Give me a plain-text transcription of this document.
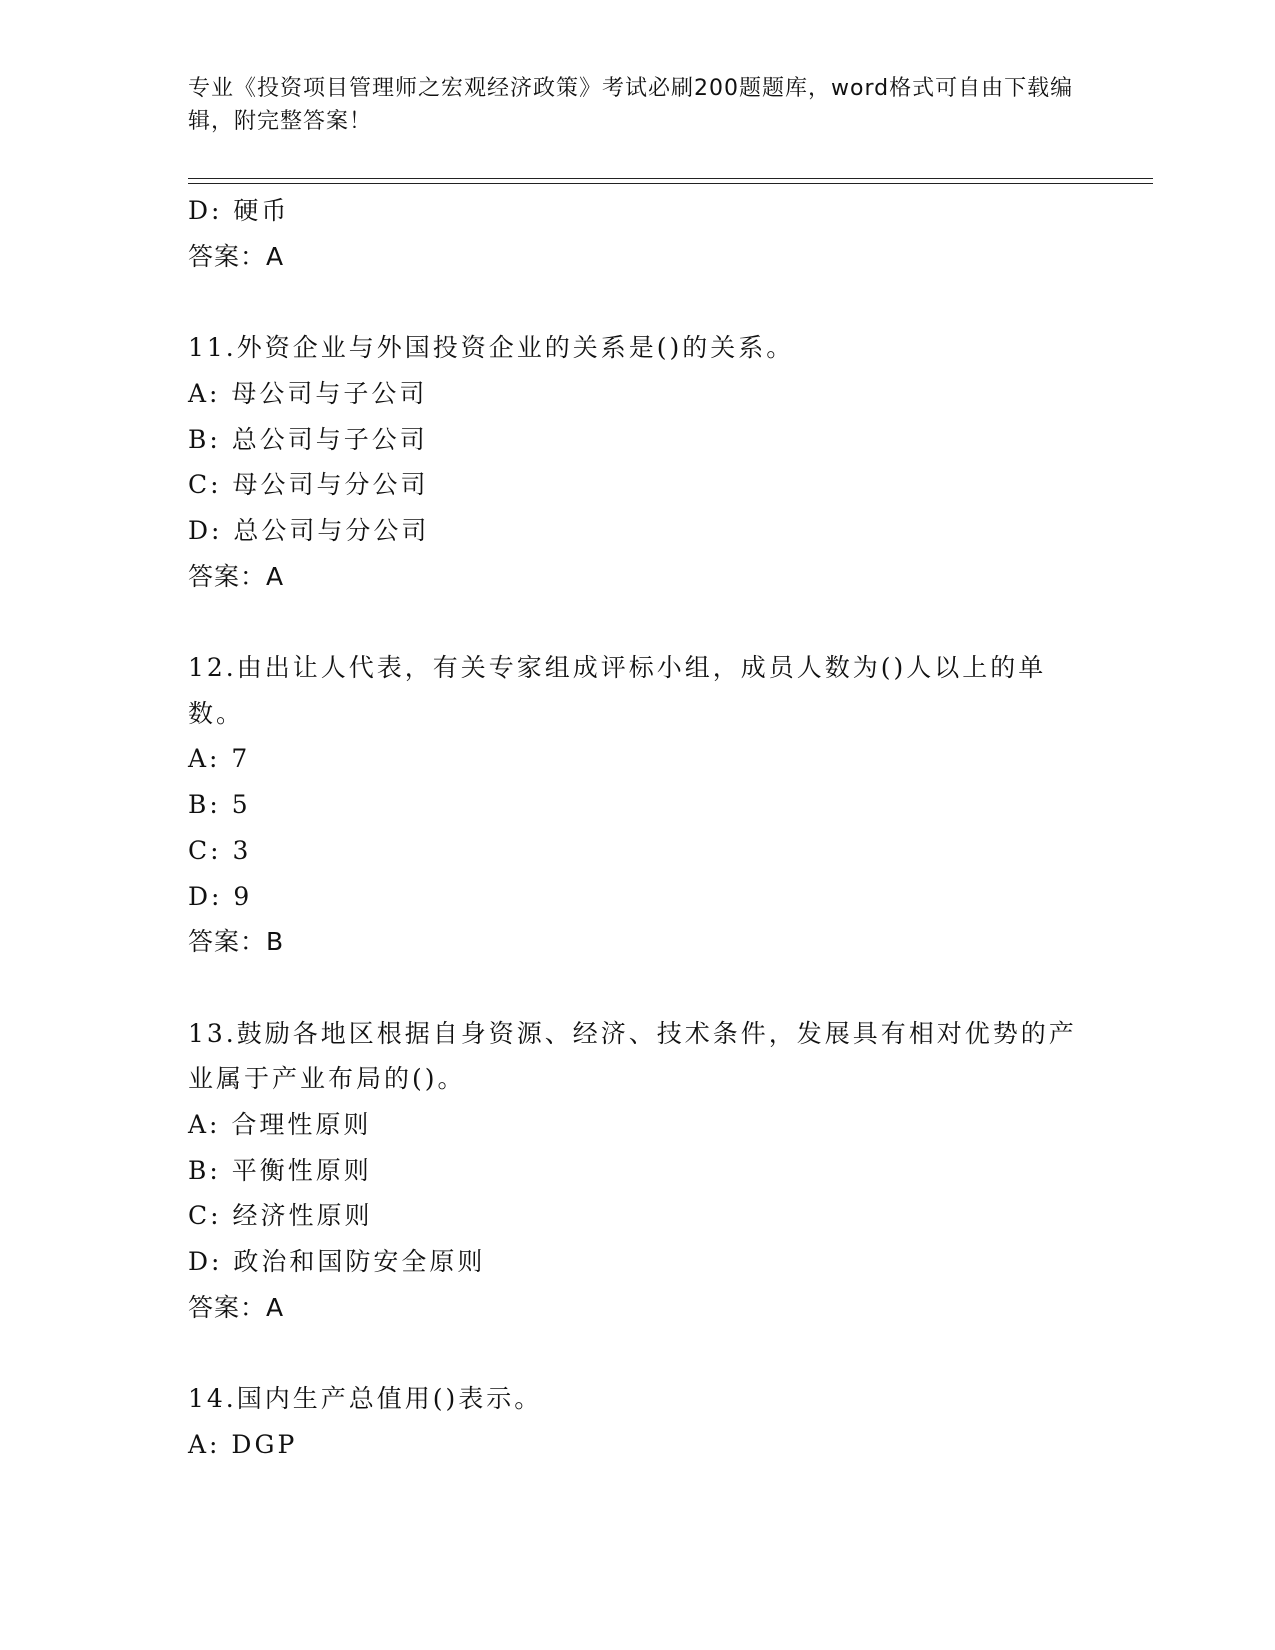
专业《投资项目管理师之宏观经济政策》考试必刷200题题库，word格式可自由下载编辑，附完整答案！
D: 硬币
答案：A
11.外资企业与外国投资企业的关系是()的关系。
A: 母公司与子公司
B: 总公司与子公司
C: 母公司与分公司
D: 总公司与分公司
答案：A
12.由出让人代表，有关专家组成评标小组，成员人数为()人以上的单数。
A: 7
B: 5
C: 3
D: 9
答案：B
13.鼓励各地区根据自身资源、经济、技术条件，发展具有相对优势的产业属于产业布局的()。
A: 合理性原则
B: 平衡性原则
C: 经济性原则
D: 政治和国防安全原则
答案：A
14.国内生产总值用()表示。
A: DGP
